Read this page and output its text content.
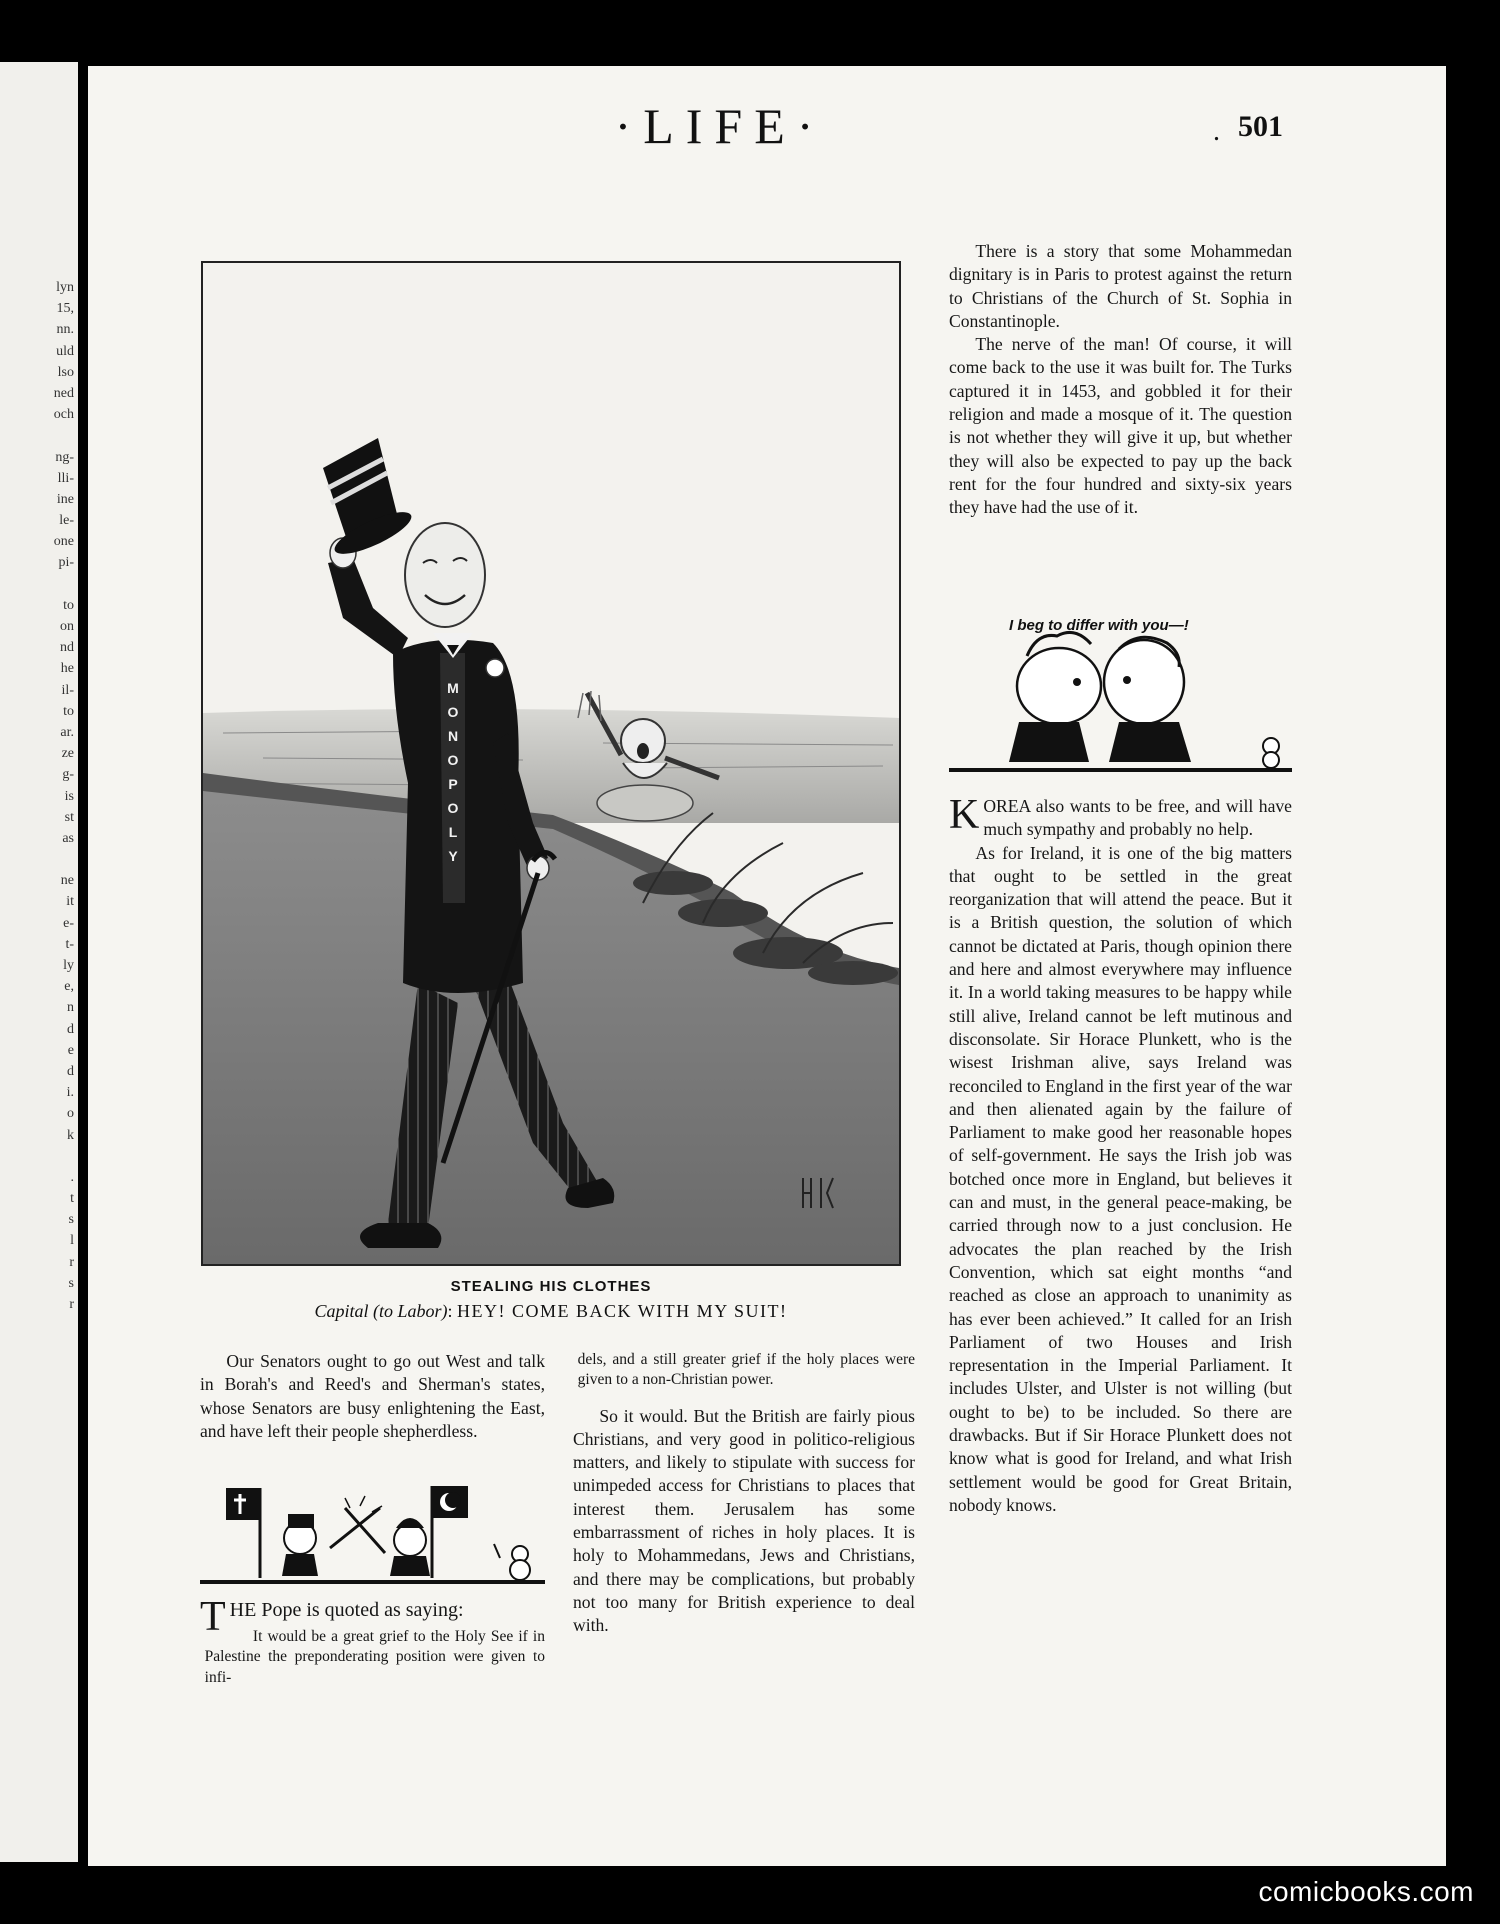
lyn
15,
nn.
uld
lso
ned
och
ng-
lli-
ine
le-
one
pi-
to
on
nd
he
il-
to
ar.
ze
g-
is
st
as
ne
it
e-
t-
ly
e,
n
d
e
d
i.
o
k
.
t
s
l
r
s
r
·LIFE·	. 501
M
O
N
O
P
O
L
Y
STEALING HIS CLOTHES
Capital (to Labor): HEY! COME BACK WITH MY SUIT!

Our Senators ought to go out West and talk in Borah's and Reed's and Sherman's states, whose Senators are busy enlightening the East, and have left their people shepherdless.

THE Pope is quoted as saying:

It would be a great grief to the Holy See if in Palestine the preponderating position were given to infi-

dels, and a still greater grief if the holy places were given to a non-Christian power.

So it would. But the British are fairly pious Christians, and very good in politico-religious matters, and likely to stipulate with success for unimpeded access for Christians to places that interest them. Jerusalem has some embarrassment of riches in holy places. It is holy to Mohammedans, Jews and Christians, and there may be complications, but probably not too many for British experience to deal with.

There is a story that some Mohammedan dignitary is in Paris to protest against the return to Christians of the Church of St. Sophia in Constantinople.

The nerve of the man! Of course, it will come back to the use it was built for. The Turks captured it in 1453, and gobbled it for their religion and made a mosque of it. The question is not whether they will give it up, but whether they will also be expected to pay up the back rent for the four hundred and sixty-six years they have had the use of it.

I beg to differ with you—!

KOREA also wants to be free, and will have much sympathy and probably no help.

As for Ireland, it is one of the big matters that ought to be settled in the great reorganization that will attend the peace. But it is a British question, the solution of which cannot be dictated at Paris, though opinion there and here and almost everywhere may influence it. In a world taking measures to be happy while still alive, Ireland cannot be left mutinous and disconsolate. Sir Horace Plunkett, who is the wisest Irishman alive, says Ireland was reconciled to England in the first year of the war and then alienated again by the failure of Parliament to make good her reasonable hopes of self-government. He says the Irish job was botched once more in England, but believes it can and must, in the general peace-making, be carried through now to a just conclusion. He advocates the plan reached by the Irish Convention, which sat eight months “and reached as close an approach to unanimity as has ever been achieved.” It called for an Irish Parliament of two Houses and Irish representation in the Imperial Parliament. It includes Ulster, and Ulster is not willing (but ought to be) to be included. So there are drawbacks. But if Sir Horace Plunkett does not know what is good for Ireland, and what Irish settlement would be good for Great Britain, nobody knows.

comicbooks.com
